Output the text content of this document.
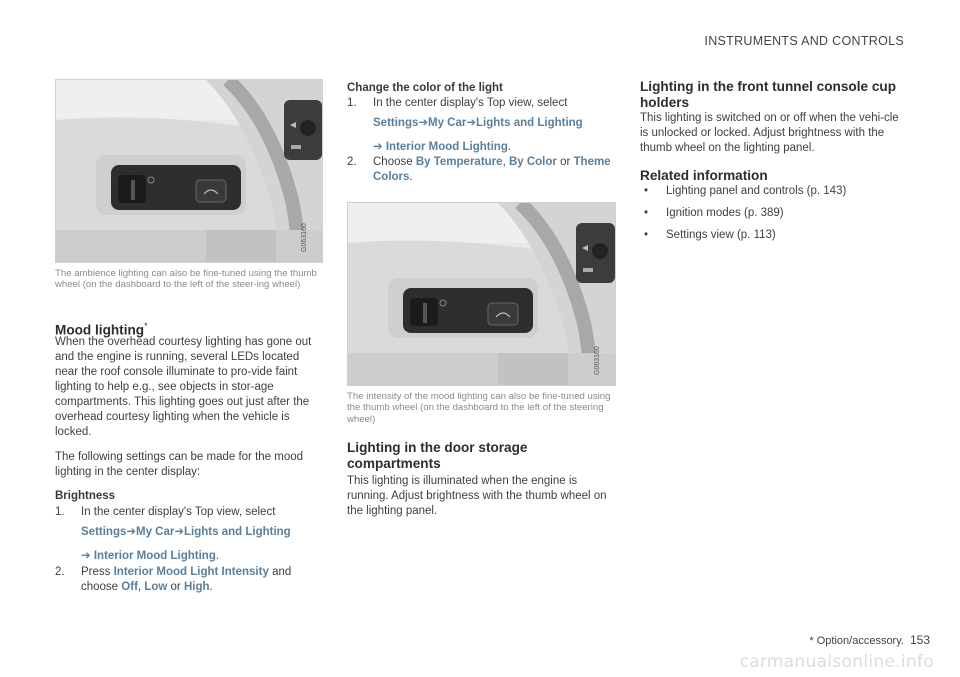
INSTRUMENTS AND CONTROLS
G063160
The ambience lighting can also be fine-tuned using the thumb wheel (on the dashboard to the left of the steer-ing wheel)
Mood lighting*
When the overhead courtesy lighting has gone out and the engine is running, several LEDs located near the roof console illuminate to pro-vide faint lighting to help e.g., see objects in stor-age compartments. This lighting goes out just after the overhead courtesy lighting when the vehicle is locked.
The following settings can be made for the mood lighting in the center display:
Brightness
1. In the center display's Top view, select
Settings➔My Car➔Lights and Lighting
➔ Interior Mood Lighting.
2. Press Interior Mood Light Intensity and choose Off, Low or High.
Change the color of the light
1. In the center display's Top view, select
Settings➔My Car➔Lights and Lighting
➔ Interior Mood Lighting.
2. Choose By Temperature, By Color or Theme Colors.
G063160
The intensity of the mood lighting can also be fine-tuned using the thumb wheel (on the dashboard to the left of the steering wheel)
Lighting in the door storage compartments
This lighting is illuminated when the engine is running. Adjust brightness with the thumb wheel on the lighting panel.
Lighting in the front tunnel console cup holders
This lighting is switched on or off when the vehi-cle is unlocked or locked. Adjust brightness with the thumb wheel on the lighting panel.
Related information
• Lighting panel and controls (p. 143)
• Ignition modes (p. 389)
• Settings view (p. 113)
* Option/accessory. 153
carmanualsonline.info
